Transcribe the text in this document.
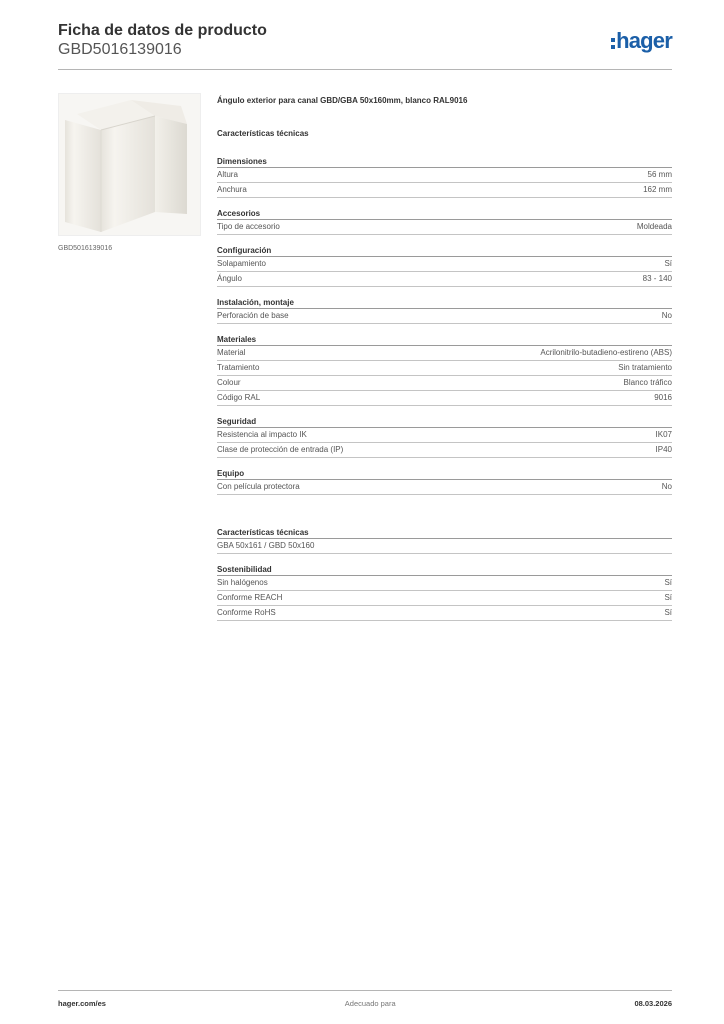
Ficha de datos de producto
GBD5016139016	hager
GBD5016139016
Ángulo exterior para canal GBD/GBA 50x160mm, blanco RAL9016
Características técnicas
Dimensiones
Altura	56 mm
Anchura	162 mm
Accesorios
Tipo de accesorio	Moldeada
Configuración
Solapamiento	Sí
Ángulo	83 - 140
Instalación, montaje
Perforación de base	No
Materiales
Material	Acrilonitrilo-butadieno-estireno (ABS)
Tratamiento	Sin tratamiento
Colour	Blanco tráfico
Código RAL	9016
Seguridad
Resistencia al impacto IK	IK07
Clase de protección de entrada (IP)	IP40
Equipo
Con película protectora	No
Características técnicas
GBA 50x161 / GBD 50x160
Sostenibilidad
Sin halógenos	Sí
Conforme REACH	Sí
Conforme RoHS	Sí
hager.com/es	Adecuado para	08.03.2026
